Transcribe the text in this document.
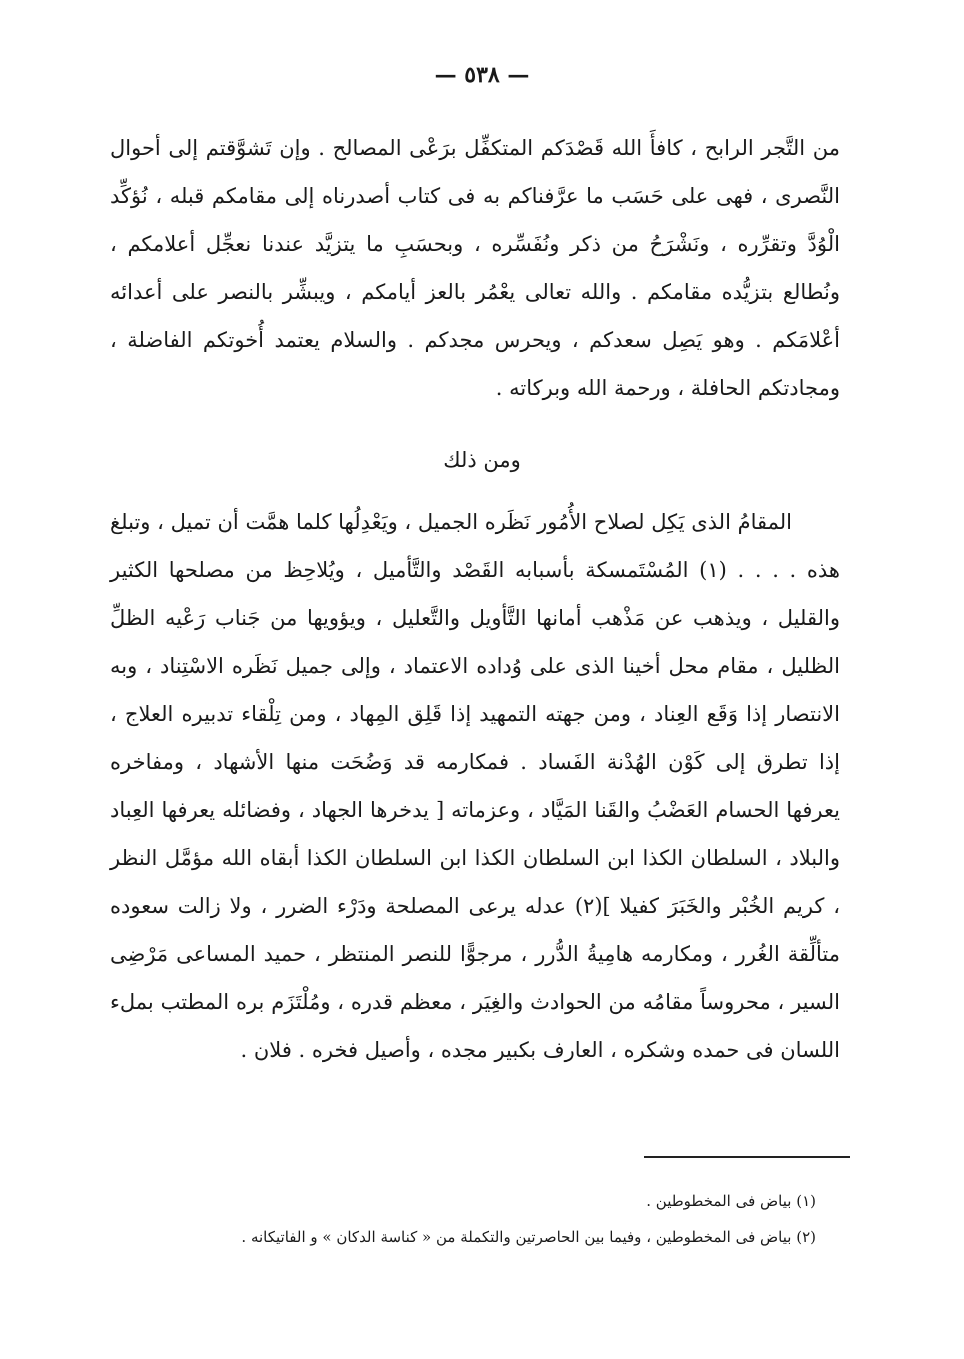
— ٥٣٨ —
من التَّجر الرابح ، كافأَ الله قَصْدَكم المتكفِّل برَعْى المصالح . وإن تَشوَّقتم إلى أحوال النَّصرى ، فهى على حَسَب ما عرَّفناكم به فى كتاب أصدرناه إلى مقامكم قبله ، نُؤكِّد الْوُدَّ وتقرِّره ، ونَشْرَحُ من ذكر ونُفَسِّره ، وبحسَبِ ما يتزيَّد عندنا نعجِّل أعلامكم ، ونُطالع بتزيُّده مقامكم . والله تعالى يعْمُر بالعز أيامكم ، ويبشِّر بالنصر على أعدائه أعْلامَكم . وهو يَصِل سعدكم ، ويحرس مجدكم . والسلام يعتمد أُخوتكم الفاضلة ، ومجادتكم الحافلة ، ورحمة الله وبركاته .
ومن ذلك
المقامُ الذى يَكِل لصلاح الأُمُور نَظَره الجميل ، ويَعْدِلُها كلما همَّت أن تميل ، وتبلغ هذه . . . . (١) المُسْتَمسكة بأسبابه القَصْد والتَّأميل ، ويُلاحِظ من مصلحها الكثير والقليل ، ويذهب عن مَذْهب أمانها التَّأويل والتَّعليل ، ويؤويها من جَناب رَعْيه الظلِّ الظليل ، مقام محل أخينا الذى على وُداده الاعتماد ، وإلى جميل نَظَره الاسْتِناد ، وبه الانتصار إذا وَقَع العِناد ، ومن جهته التمهيد إذا قَلِق المِهاد ، ومن تِلْقاء تدبيره العلاج ، إذا تطرق إلى كَوْن الهُدْنة الفَساد . فمكارمه قد وَضُحَت منها الأشهاد ، ومفاخره يعرفها الحسام العَضْبُ والقَنا المَيَّاد ، وعزماته [ يدخرها الجهاد ، وفضائله يعرفها العِباد والبلاد ، السلطان الكذا ابن السلطان الكذا ابن السلطان الكذا أبقاه الله مؤمَّل النظر ، كريم الخُبْر والخَبَرَ كفيلا ](٢) عدله يرعى المصلحة ودَرْء الضرر ، ولا زالت سعوده متألِّقة الغُرر ، ومكارمه هامِيةُ الدُّرر ، مرجوًّا للنصر المنتظر ، حميد المساعى مَرْضِى السير ، محروساً مقامُه من الحوادث والغِيَر ، معظم قدره ، ومُلْتَزَم بره المطتب بملء اللسان فى حمده وشكره ، العارف بكبير مجده ، وأصيل فخره . فلان .
(١) بياض فى المخطوطين .
(٢) بياض فى المخطوطين ، وفيما بين الحاصرتين والتكملة من « كناسة الدكان » و الفاتيكانه .
